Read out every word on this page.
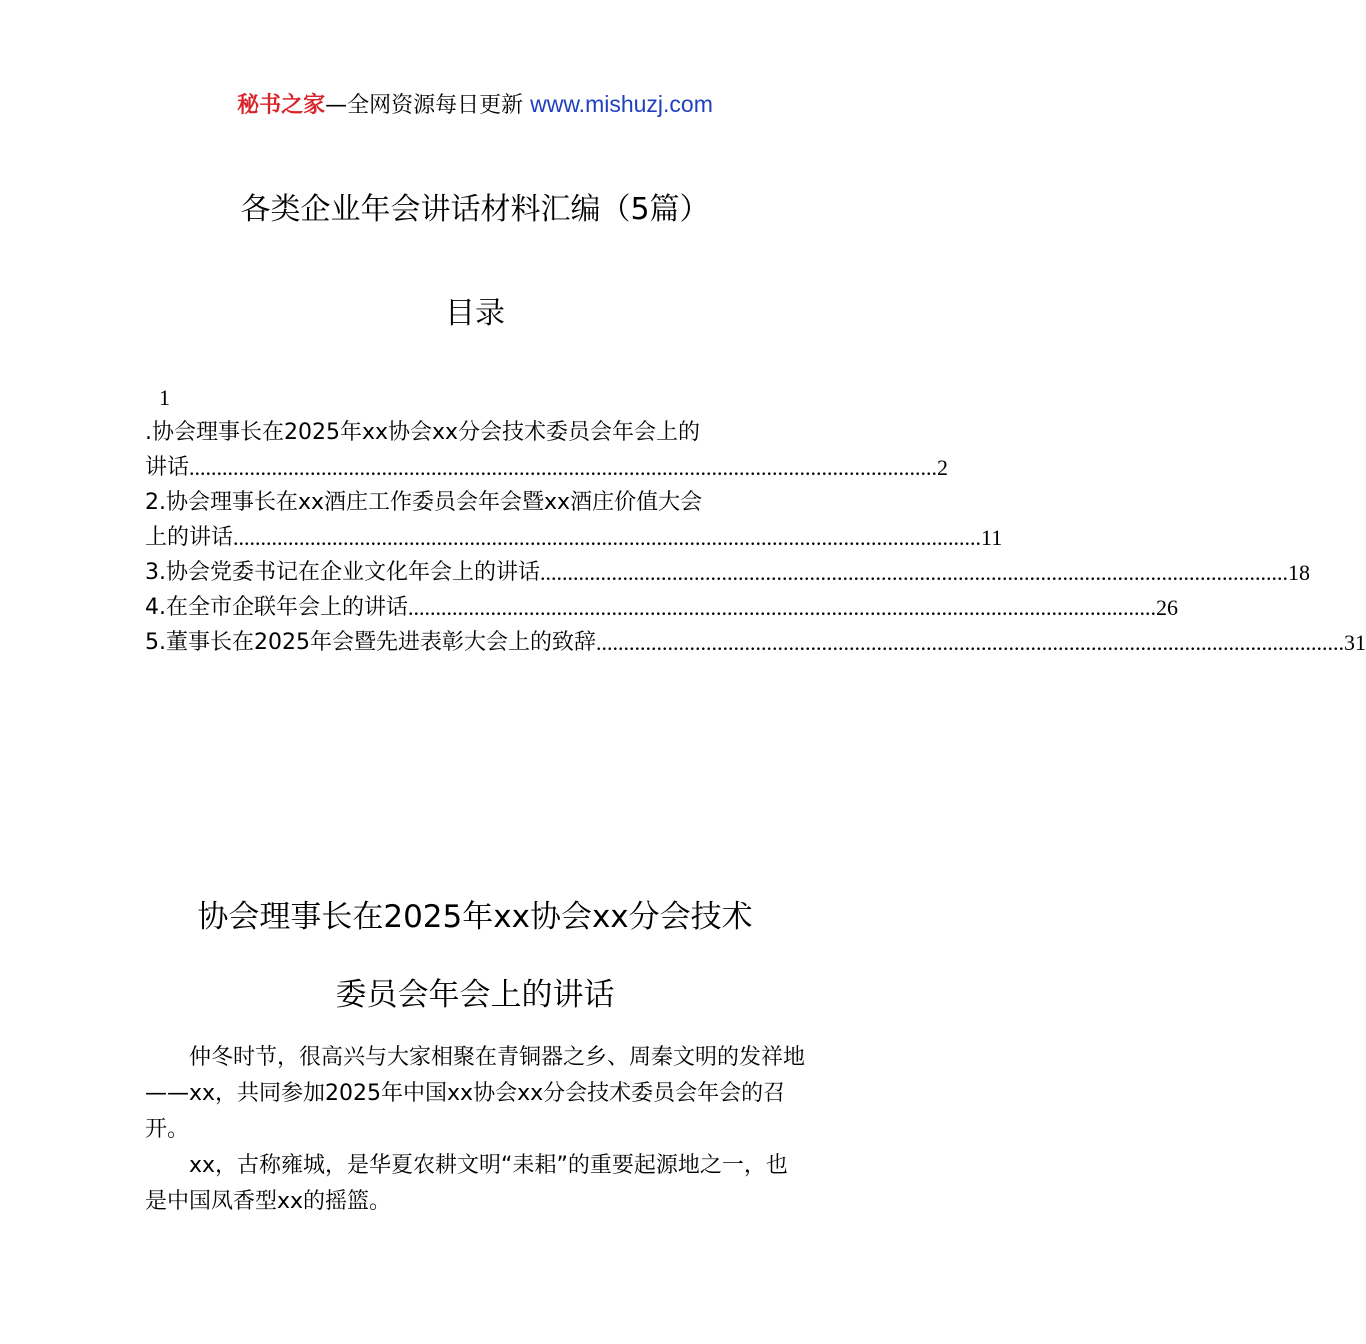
秘书之家—全网资源每日更新 www.mishuzj.com
各类企业年会讲话材料汇编（5篇）
目录
1
.协会理事长在2025年xx协会xx分会技术委员会年会上的
讲话 ........................................................................................................................................ 2
2.协会理事长在xx酒庄工作委员会年会暨xx酒庄价值大会
上的讲话 ........................................................................................................................................ 11
3.协会党委书记在企业文化年会上的讲话 ........................................................................................................................................ 18
4.在全市企联年会上的讲话 ........................................................................................................................................ 26
5.董事长在2025年会暨先进表彰大会上的致辞 ........................................................................................................................................ 31
协会理事长在2025年xx协会xx分会技术
委员会年会上的讲话

仲冬时节，很高兴与大家相聚在青铜器之乡、周秦文明的发祥地——xx，共同参加2025年中国xx协会xx分会技术委员会年会的召开。

xx，古称雍城，是华夏农耕文明“耒耜”的重要起源地之一，也是中国凤香型xx的摇篮。
